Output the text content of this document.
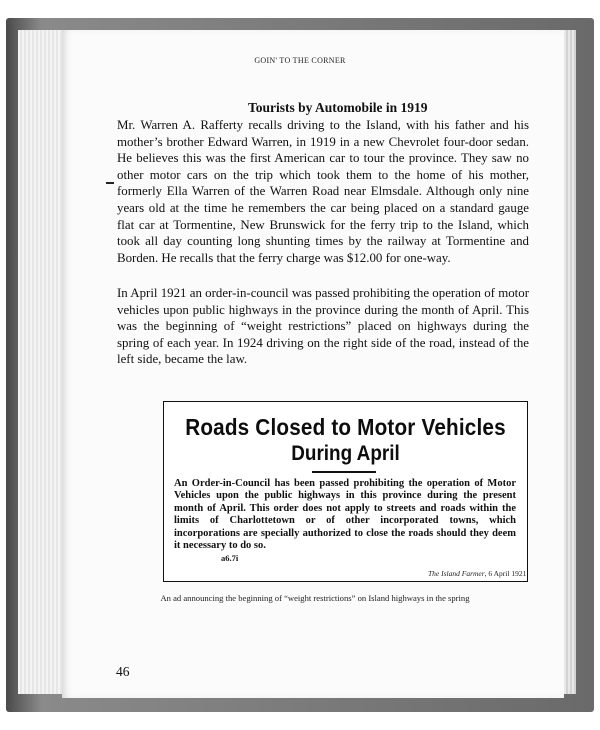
GOIN' TO THE CORNER
Tourists by Automobile in 1919

Mr. Warren A. Rafferty recalls driving to the Island, with his father and his mother’s brother Edward Warren, in 1919 in a new Chevrolet four-door sedan. He believes this was the first American car to tour the province. They saw no other motor cars on the trip which took them to the home of his mother, formerly Ella Warren of the Warren Road near Elmsdale. Although only nine years old at the time he remembers the car being placed on a standard gauge flat car at Tormentine, New Brunswick for the ferry trip to the Island, which took all day counting long shunting times by the railway at Tormentine and Borden. He recalls that the ferry charge was $12.00 for one-way.

In April 1921 an order-in-council was passed prohibiting the operation of motor vehicles upon public highways in the province during the month of April. This was the beginning of “weight restrictions” placed on highways during the spring of each year. In 1924 driving on the right side of the road, instead of the left side, became the law.

Roads Closed to Motor Vehicles
During April

An Order-in-Council has been passed prohibiting the operation of Motor Vehicles upon the public highways in this province during the present month of April. This order does not apply to streets and roads within the limits of Charlottetown or of other incorporated towns, which incorporations are specially authorized to close the roads should they deem it necessary to do so.

a6.7i
The Island Farmer, 6 April 1921
An ad announcing the beginning of “weight restrictions” on Island highways in the spring
46
